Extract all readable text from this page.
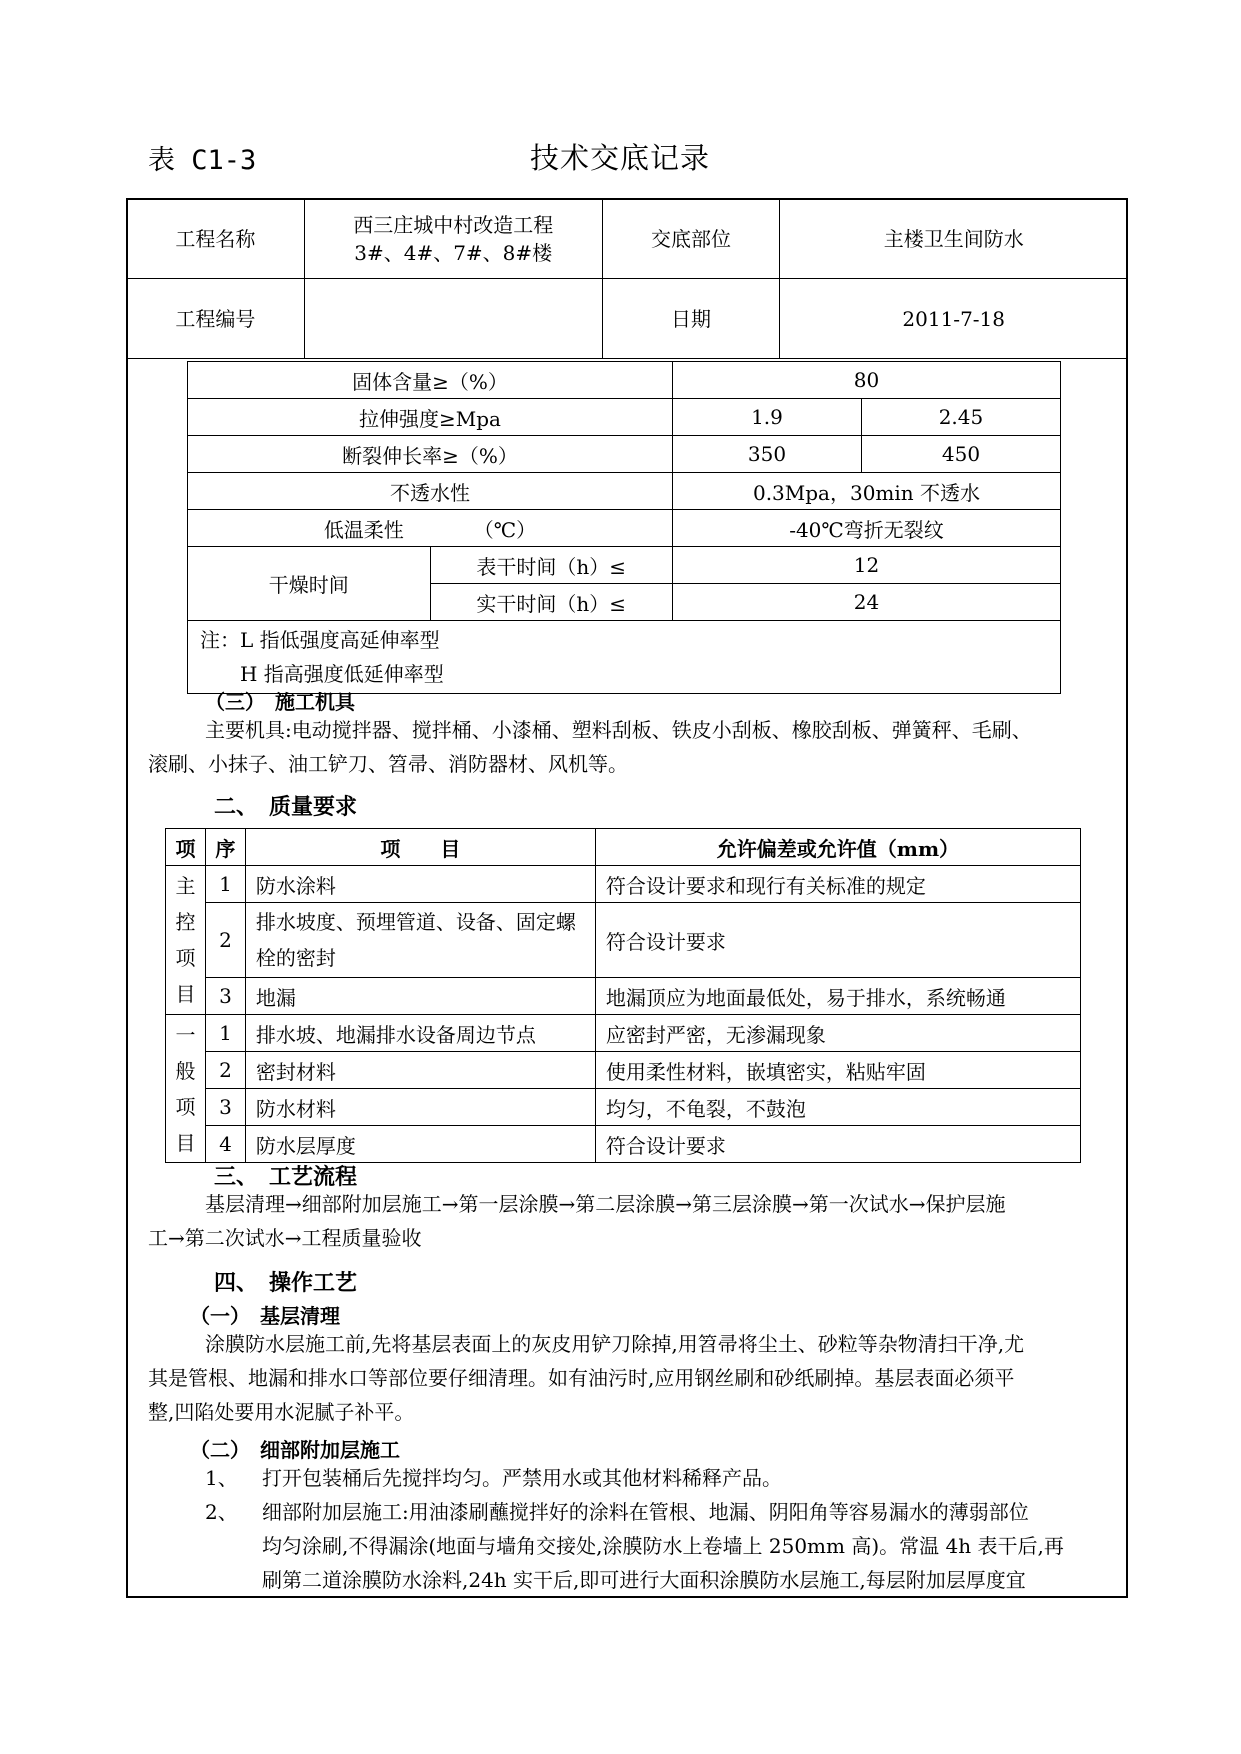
表 C1-3	技术交底记录
工程名称	西三庄城中村改造工程 3#、4#、7#、8#楼	交底部位	主楼卫生间防水
工程编号		日期	2011-7-18
固体含量≥（%）		80	
拉伸强度≥Mpa		1.9	2.45
断裂伸长率≥（%）		350	450
不透水性		0.3Mpa，30min 不透水	
低温柔性　　　　（℃）		-40℃弯折无裂纹	
干燥时间	表干时间（h）≤	12	
	实干时间（h）≤	24	

注：L 指低强度高延伸率型
　　H 指高强度低延伸率型			
（三）　施工机具
主要机具:电动搅拌器、搅拌桶、小漆桶、塑料刮板、铁皮小刮板、橡胶刮板、弹簧秤、毛刷、
滚刷、小抹子、油工铲刀、笤帚、消防器材、风机等。
二、　质量要求
项	序	项　　目	允许偏差或允许值（mm）

主
控
项
目	1	防水涂料	符合设计要求和现行有关标准的规定
	2	排水坡度、预埋管道、设备、固定螺栓的密封	符合设计要求
	3	地漏	地漏顶应为地面最低处，易于排水，系统畅通

一
般
项
目	1	排水坡、地漏排水设备周边节点	应密封严密，无渗漏现象
	2	密封材料	使用柔性材料，嵌填密实，粘贴牢固
	3	防水材料	均匀，不龟裂，不鼓泡
	4	防水层厚度	符合设计要求
三、　工艺流程
基层清理→细部附加层施工→第一层涂膜→第二层涂膜→第三层涂膜→第一次试水→保护层施
工→第二次试水→工程质量验收
四、　操作工艺
（一）　基层清理
涂膜防水层施工前,先将基层表面上的灰皮用铲刀除掉,用笤帚将尘土、砂粒等杂物清扫干净,尤
其是管根、地漏和排水口等部位要仔细清理。如有油污时,应用钢丝刷和砂纸刷掉。基层表面必须平
整,凹陷处要用水泥腻子补平。
（二）　细部附加层施工
1、 打开包装桶后先搅拌均匀。严禁用水或其他材料稀释产品。
2、 细部附加层施工:用油漆刷蘸搅拌好的涂料在管根、地漏、阴阳角等容易漏水的薄弱部位
均匀涂刷,不得漏涂(地面与墙角交接处,涂膜防水上卷墙上 250mm 高)。常温 4h 表干后,再
刷第二道涂膜防水涂料,24h 实干后,即可进行大面积涂膜防水层施工,每层附加层厚度宜
